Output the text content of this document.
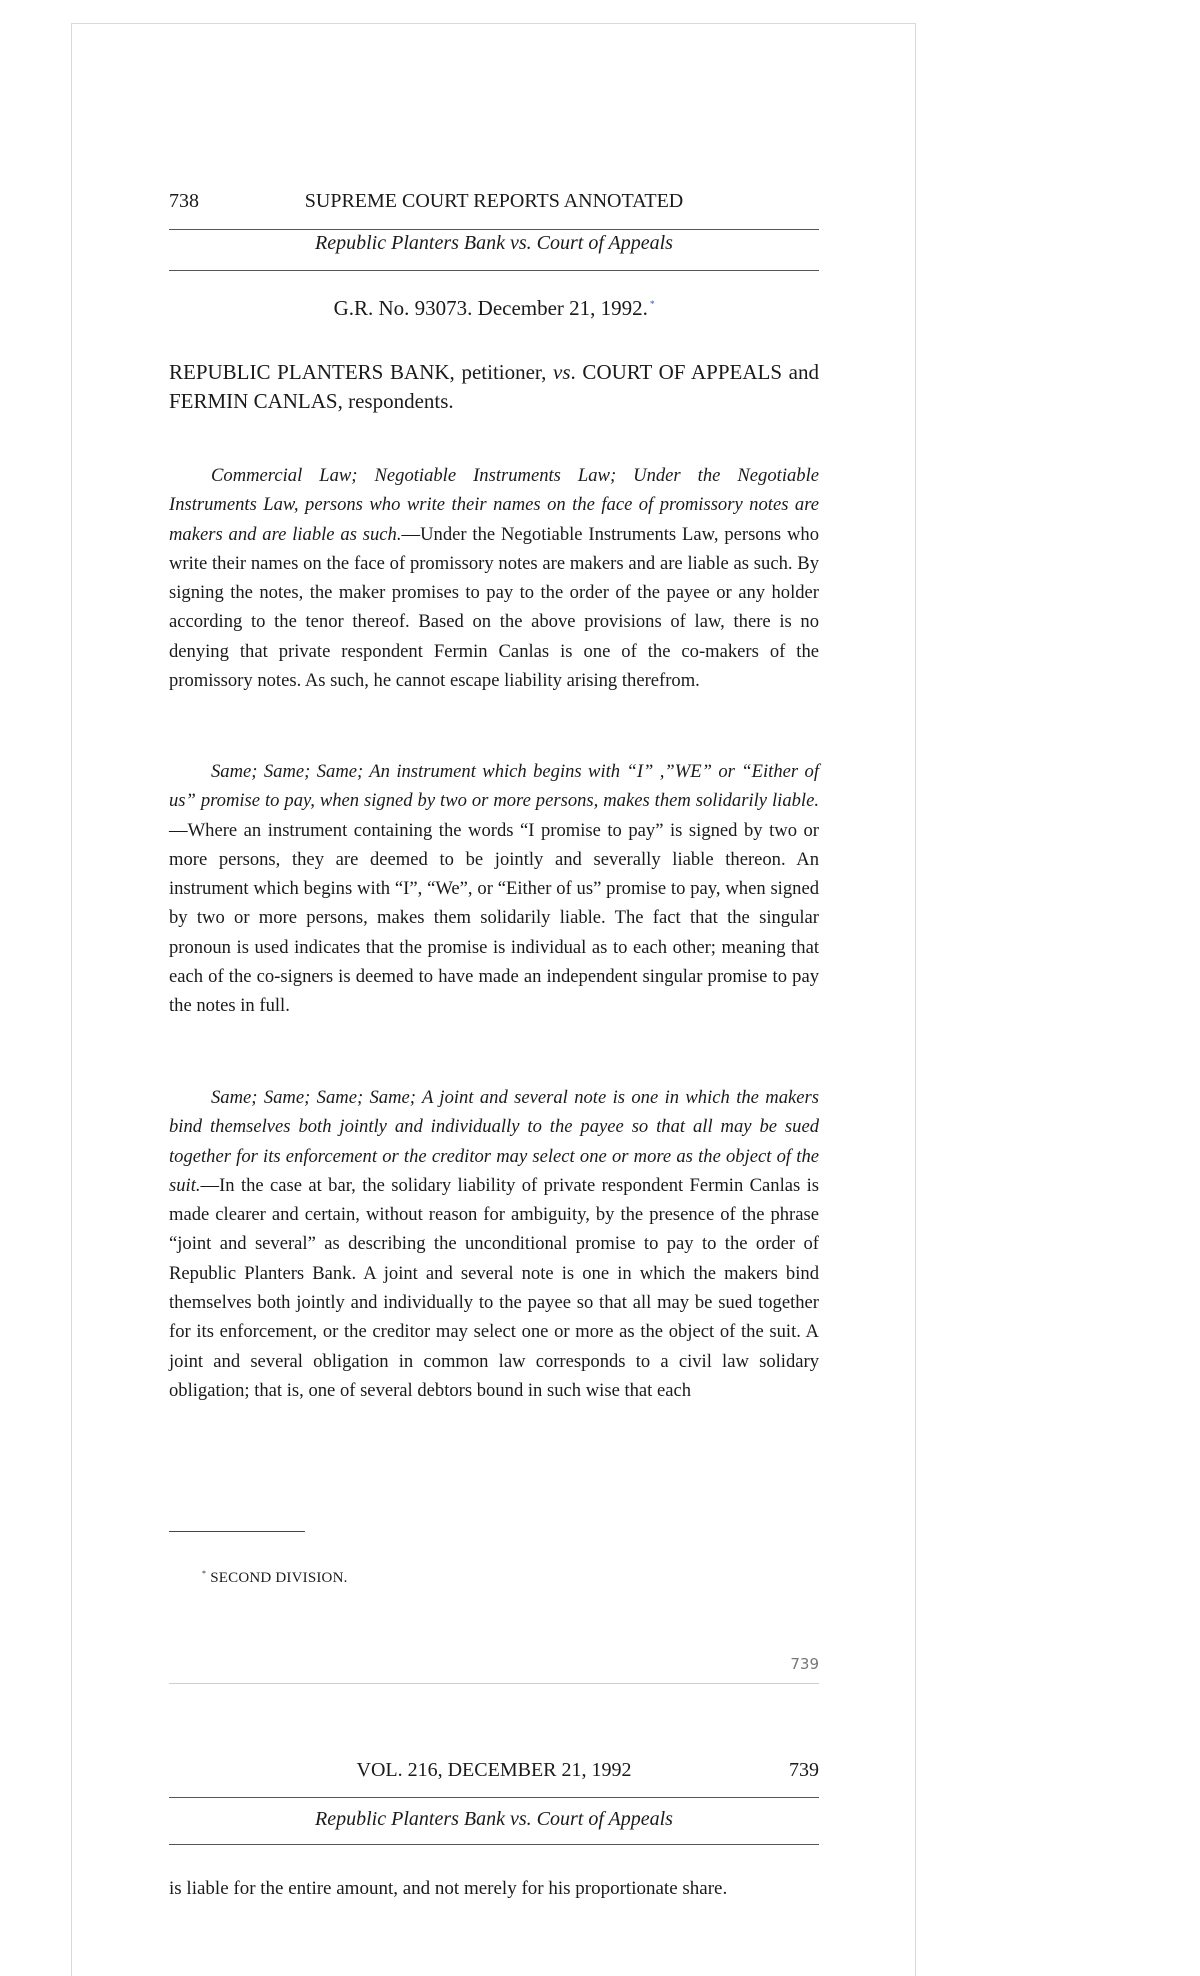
738	SUPREME COURT REPORTS ANNOTATED
Republic Planters Bank vs. Court of Appeals
G.R. No. 93073. December 21, 1992. *
REPUBLIC PLANTERS BANK, petitioner, vs. COURT OF APPEALS and FERMIN CANLAS, respondents.

Commercial Law; Negotiable Instruments Law; Under the Negotiable Instruments Law, persons who write their names on the face of promissory notes are makers and are liable as such.—Under the Negotiable Instruments Law, persons who write their names on the face of promissory notes are makers and are liable as such. By signing the notes, the maker promises to pay to the order of the payee or any holder according to the tenor thereof. Based on the above provisions of law, there is no denying that private respondent Fermin Canlas is one of the co-makers of the promissory notes. As such, he cannot escape liability arising therefrom.

Same; Same; Same; An instrument which begins with “I” ,”WE” or “Either of us” promise to pay, when signed by two or more persons, makes them solidarily liable.—Where an instrument containing the words “I promise to pay” is signed by two or more persons, they are deemed to be jointly and severally liable thereon. An instrument which begins with “I”, “We”, or “Either of us” promise to pay, when signed by two or more persons, makes them solidarily liable. The fact that the singular pronoun is used indicates that the promise is individual as to each other; meaning that each of the co-signers is deemed to have made an independent singular promise to pay the notes in full.

Same; Same; Same; Same; A joint and several note is one in which the makers bind themselves both jointly and individually to the payee so that all may be sued together for its enforcement or the creditor may select one or more as the object of the suit.—In the case at bar, the solidary liability of private respondent Fermin Canlas is made clearer and certain, without reason for ambiguity, by the presence of the phrase “joint and several” as describing the unconditional promise to pay to the order of Republic Planters Bank. A joint and several note is one in which the makers bind themselves both jointly and individually to the payee so that all may be sued together for its enforcement, or the creditor may select one or more as the object of the suit. A joint and several obligation in common law corresponds to a civil law solidary obligation; that is, one of several debtors bound in such wise that each

* SECOND DIVISION.
739
VOL. 216, DECEMBER 21, 1992	739
Republic Planters Bank vs. Court of Appeals
is liable for the entire amount, and not merely for his proportionate share.
